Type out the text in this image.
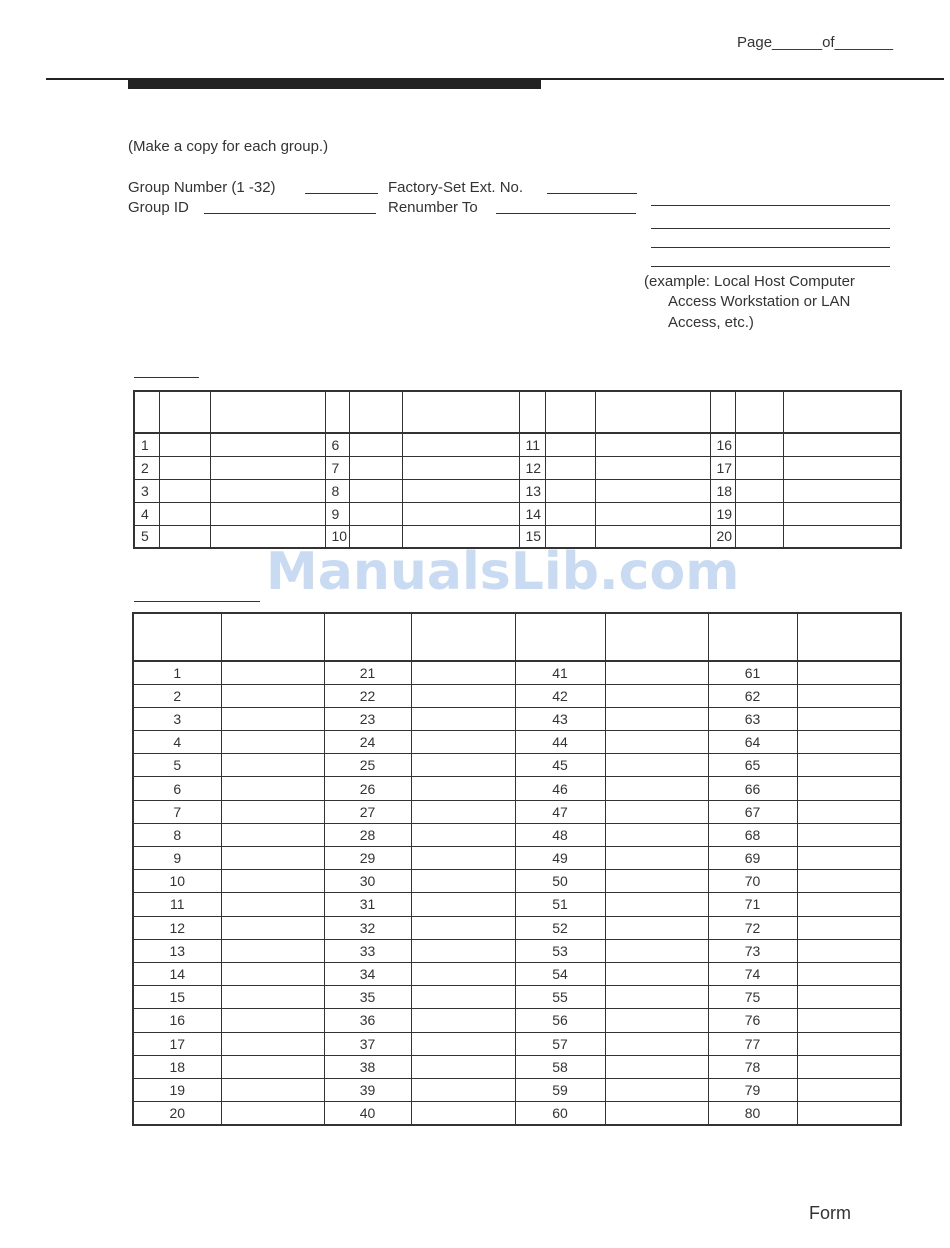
Page______of_______
(Make a copy for each group.)
Group Number (1 -32)	Factory-Set Ext. No.
Group ID	Renumber To
(example: Local Host Computer
Access Workstation or LAN
Access, etc.)

1			6			11			16		
2			7			12			17		
3			8			13			18		
4			9			14			19		
5			10			15			20		
ManualsLib.com

1		21		41		61	
2		22		42		62	
3		23		43		63	
4		24		44		64	
5		25		45		65	
6		26		46		66	
7		27		47		67	
8		28		48		68	
9		29		49		69	
10		30		50		70	
11		31		51		71	
12		32		52		72	
13		33		53		73	
14		34		54		74	
15		35		55		75	
16		36		56		76	
17		37		57		77	
18		38		58		78	
19		39		59		79	
20		40		60		80	
Form
